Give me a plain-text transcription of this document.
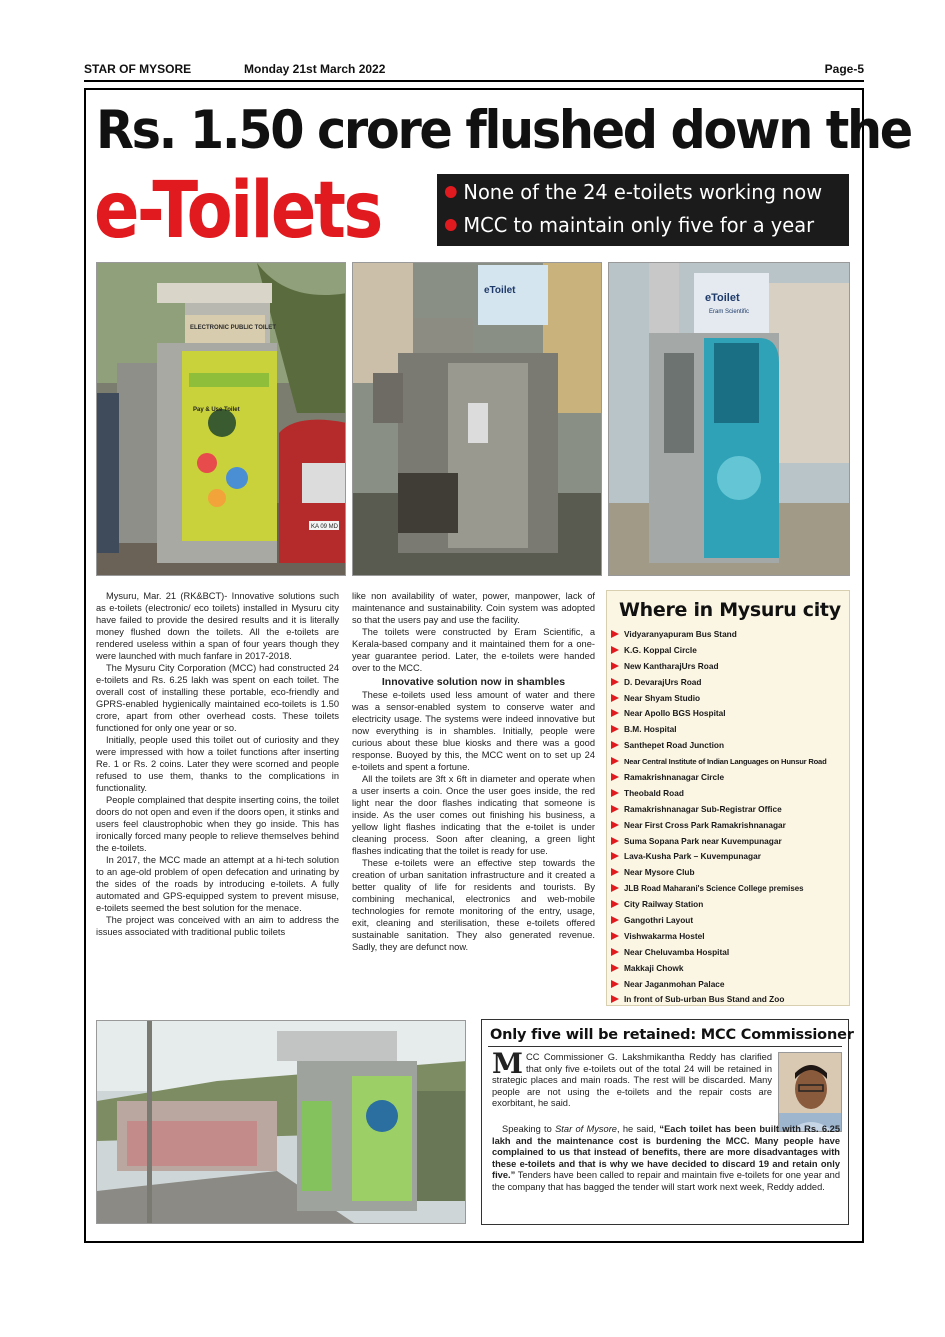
STAR OF MYSORE	Monday 21st March 2022	Page-5
Rs. 1.50 crore flushed down the
e-Toilets	None of the 24 e-toilets working now
MCC to maintain only five for a year
ELECTRONIC PUBLIC TOILET
Pay & Use Toilet
KA 09 MD
eToilet
eToilet
Eram Scientific

Mysuru, Mar. 21 (RK&BCT)- Innovative solutions such as e-toilets (electronic/ eco toilets) installed in Mysuru city have failed to provide the desired results and it is literally money flushed down the toilets. All the e-toilets are rendered useless within a span of four years though they were launched with much fanfare in 2017-2018.

The Mysuru City Corporation (MCC) had constructed 24 e-toilets and Rs. 6.25 lakh was spent on each toilet. The overall cost of installing these portable, eco-friendly and GPRS-enabled hygienically maintained eco-toilets is 1.50 crore, apart from other overhead costs. These toilets functioned for only one year or so.

Initially, people used this toilet out of curiosity and they were impressed with how a toilet functions after inserting Re. 1 or Rs. 2 coins. Later they were scorned and people refused to use them, thanks to the complications in functionality.

People complained that despite inserting coins, the toilet doors do not open and even if the doors open, it stinks and users feel claustrophobic when they go inside. This has ironically forced many people to relieve themselves behind the e-toilets.

In 2017, the MCC made an attempt at a hi-tech solution to an age-old problem of open defecation and urinating by the sides of the roads by introducing e-toilets. A fully automated and GPS-equipped system to prevent misuse, e-toilets seemed the best solution for the menace.

The project was conceived with an aim to address the issues associated with traditional public toilets

like non availability of water, power, manpower, lack of maintenance and sustainability. Coin system was adopted so that the users pay and use the facility.

The toilets were constructed by Eram Scientific, a Kerala-based company and it maintained them for a one-year guarantee period. Later, the e-toilets were handed over to the MCC.

Innovative solution now in shambles

These e-toilets used less amount of water and there was a sensor-enabled system to conserve water and electricity usage. The systems were indeed innovative but now everything is in shambles. Initially, people were curious about these blue kiosks and there was a good response. Buoyed by this, the MCC went on to set up 24 e-toilets and spent a fortune.

All the toilets are 3ft x 6ft in diameter and operate when a user inserts a coin. Once the user goes inside, the red light near the door flashes indicating that someone is inside. As the user comes out finishing his business, a yellow light flashes indicating that the e-toilet is under cleaning process. Soon after cleaning, a green light flashes indicating that the toilet is ready for use.

These e-toilets were an effective step towards the creation of urban sanitation infrastructure and it created a better quality of life for residents and tourists. By combining mechanical, electronics and web-mobile technologies for remote monitoring of the entry, usage, exit, cleaning and sterilisation, these e-toilets offered sustainable sanitation. They also generated revenue. Sadly, they are defunct now.

Where in Mysuru city
Vidyaranyapuram Bus Stand
K.G. Koppal Circle
New KantharajUrs Road
D. DevarajUrs Road
Near Shyam Studio
Near Apollo BGS Hospital
B.M. Hospital
Santhepet Road Junction
Near Central Institute of Indian Languages on Hunsur Road
Ramakrishnanagar Circle
Theobald Road
Ramakrishnanagar Sub-Registrar Office
Near First Cross Park Ramakrishnanagar
Suma Sopana Park near Kuvempunagar
Lava-Kusha Park – Kuvempunagar
Near Mysore Club
JLB Road Maharani's Science College premises
City Railway Station
Gangothri Layout
Vishwakarma Hostel
Near Cheluvamba Hospital
Makkaji Chowk
Near Jaganmohan Palace
In front of Sub-urban Bus Stand and Zoo
Only five will be retained: MCC Commissioner
MCC Commissioner G. Lakshmikantha Reddy has clarified that only five e-toilets out of the total 24 will be retained in strategic places and main roads. The rest will be discarded. Many people are not using the e-toilets and the repair costs are exorbitant, he said.
Speaking to Star of Mysore, he said, “Each toilet has been built with Rs. 6.25 lakh and the maintenance cost is burdening the MCC. Many people have complained to us that instead of benefits, there are more disadvantages with these e-toilets and that is why we have decided to discard 19 and retain only five.” Tenders have been called to repair and maintain five e-toilets for one year and the company that has bagged the tender will start work next week, Reddy added.
